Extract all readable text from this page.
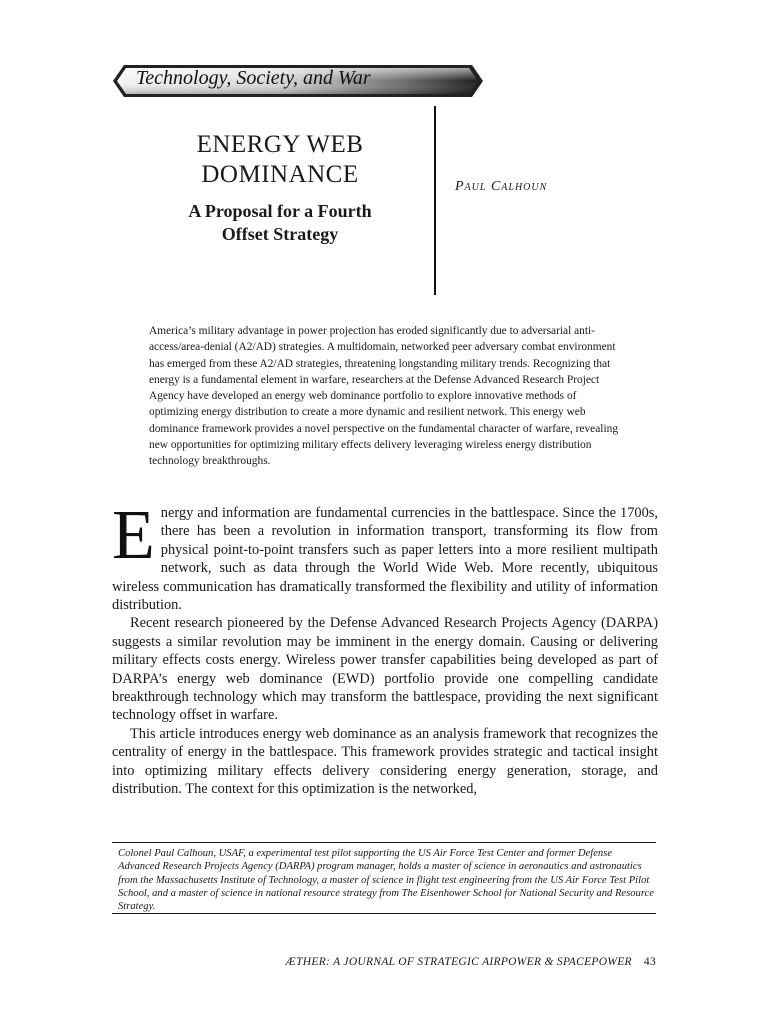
Technology, Society, and War
ENERGY WEB
DOMINANCE
A Proposal for a Fourth
Offset Strategy
Paul Calhoun

America’s military advantage in power projection has eroded significantly due to adversarial anti-access/area-denial (A2/AD) strategies. A multidomain, networked peer adversary combat environment has emerged from these A2/AD strategies, threatening longstanding military trends. Recognizing that energy is a fundamental element in warfare, researchers at the Defense Advanced Research Project Agency have developed an energy web dominance portfolio to explore innovative methods of optimizing energy distribution to create a more dynamic and resilient network. This energy web dominance framework provides a novel perspective on the fundamental character of warfare, revealing new opportunities for optimizing military effects delivery leveraging wireless energy distribution technology breakthroughs.

Energy and information are fundamental currencies in the battlespace. Since the 1700s, there has been a revolution in information transport, transforming its flow from physical point-to-point transfers such as paper letters into a more resilient multipath network, such as data through the World Wide Web. More recently, ubiquitous wireless communication has dramatically transformed the flexibility and utility of information distribution.

Recent research pioneered by the Defense Advanced Research Projects Agency (DARPA) suggests a similar revolution may be imminent in the energy domain. Causing or delivering military effects costs energy. Wireless power transfer capabilities being developed as part of DARPA’s energy web dominance (EWD) portfolio provide one compelling candidate breakthrough technology which may transform the battlespace, providing the next significant technology offset in warfare.

This article introduces energy web dominance as an analysis framework that recognizes the centrality of energy in the battlespace. This framework provides strategic and tactical insight into optimizing military effects delivery considering energy generation, storage, and distribution. The context for this optimization is the networked,

Colonel Paul Calhoun, USAF, a experimental test pilot supporting the US Air Force Test Center and former Defense Advanced Research Projects Agency (DARPA) program manager, holds a master of science in aeronautics and astronautics from the Massachusetts Institute of Technology, a master of science in flight test engineering from the US Air Force Test Pilot School, and a master of science in national resource strategy from The Eisenhower School for National Security and Resource Strategy.
ÆTHER: A JOURNAL OF STRATEGIC AIRPOWER & SPACEPOWER 43
